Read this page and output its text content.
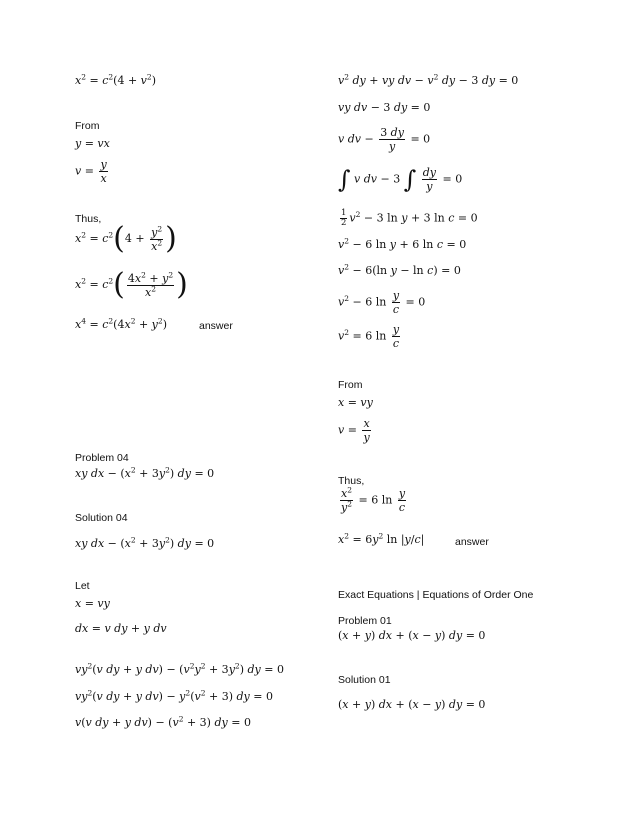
$x^2 = c^2(4 + v^2)$
From
y = vx
$v = \frac{y}{x}$
Thus,
$x^2 = c^2(4 + \frac{y^2}{x^2}$ )
$x^2 = c^2( \frac{4x^2 + y^2}{x^2}$ )
$x^4 = c^2(4x^2 + y^2)$	answer
Problem 04
xy dx − $(x^2 + 3y^2)$ dy = 0
Solution 04
xy dx − $(x^2 + 3y^2)$ dy = 0
Let
x = vy
dx = v dy + y dv
$vy^2(v$ dy + y $dv) - (v^2y^2 + 3y^2)$ dy = 0
$vy^2(v$ dy + y $dv) - y^2(v^2 + 3)$ dy = 0
v(v dy + y $dv) - (v^2 + 3)$ dy = 0
$v^2$ dy + vy dv − $v^2$ dy − 3 dy = 0
vy dv − 3 dy = 0
v dv − $\frac{3 dy}{y} = 0$
∫ v dv − 3 ∫ $\frac{dy}{y} = 0$
$\frac{1}{2} v^2 - 3$ ln y + 3 ln c = 0
$v^2 - 6$ ln y + 6 ln c = 0
$v^2 - 6(\ln$ y − ln c) = 0
$v^2 - 6$ $\ln \frac{y}{c} = 0$
$v^2 = 6$ $\ln \frac{y}{c}$
From
x = vy
$v = \frac{x}{y}$
Thus,
$\frac{x^2}{y^2} = 6$ $\ln \frac{y}{c}$
$x^2 = 6y^2$ ln |y/c|	answer
Exact Equations | Equations of Order One
Problem 01
(x + y) dx + (x − y) dy = 0
Solution 01
(x + y) dx + (x − y) dy = 0
